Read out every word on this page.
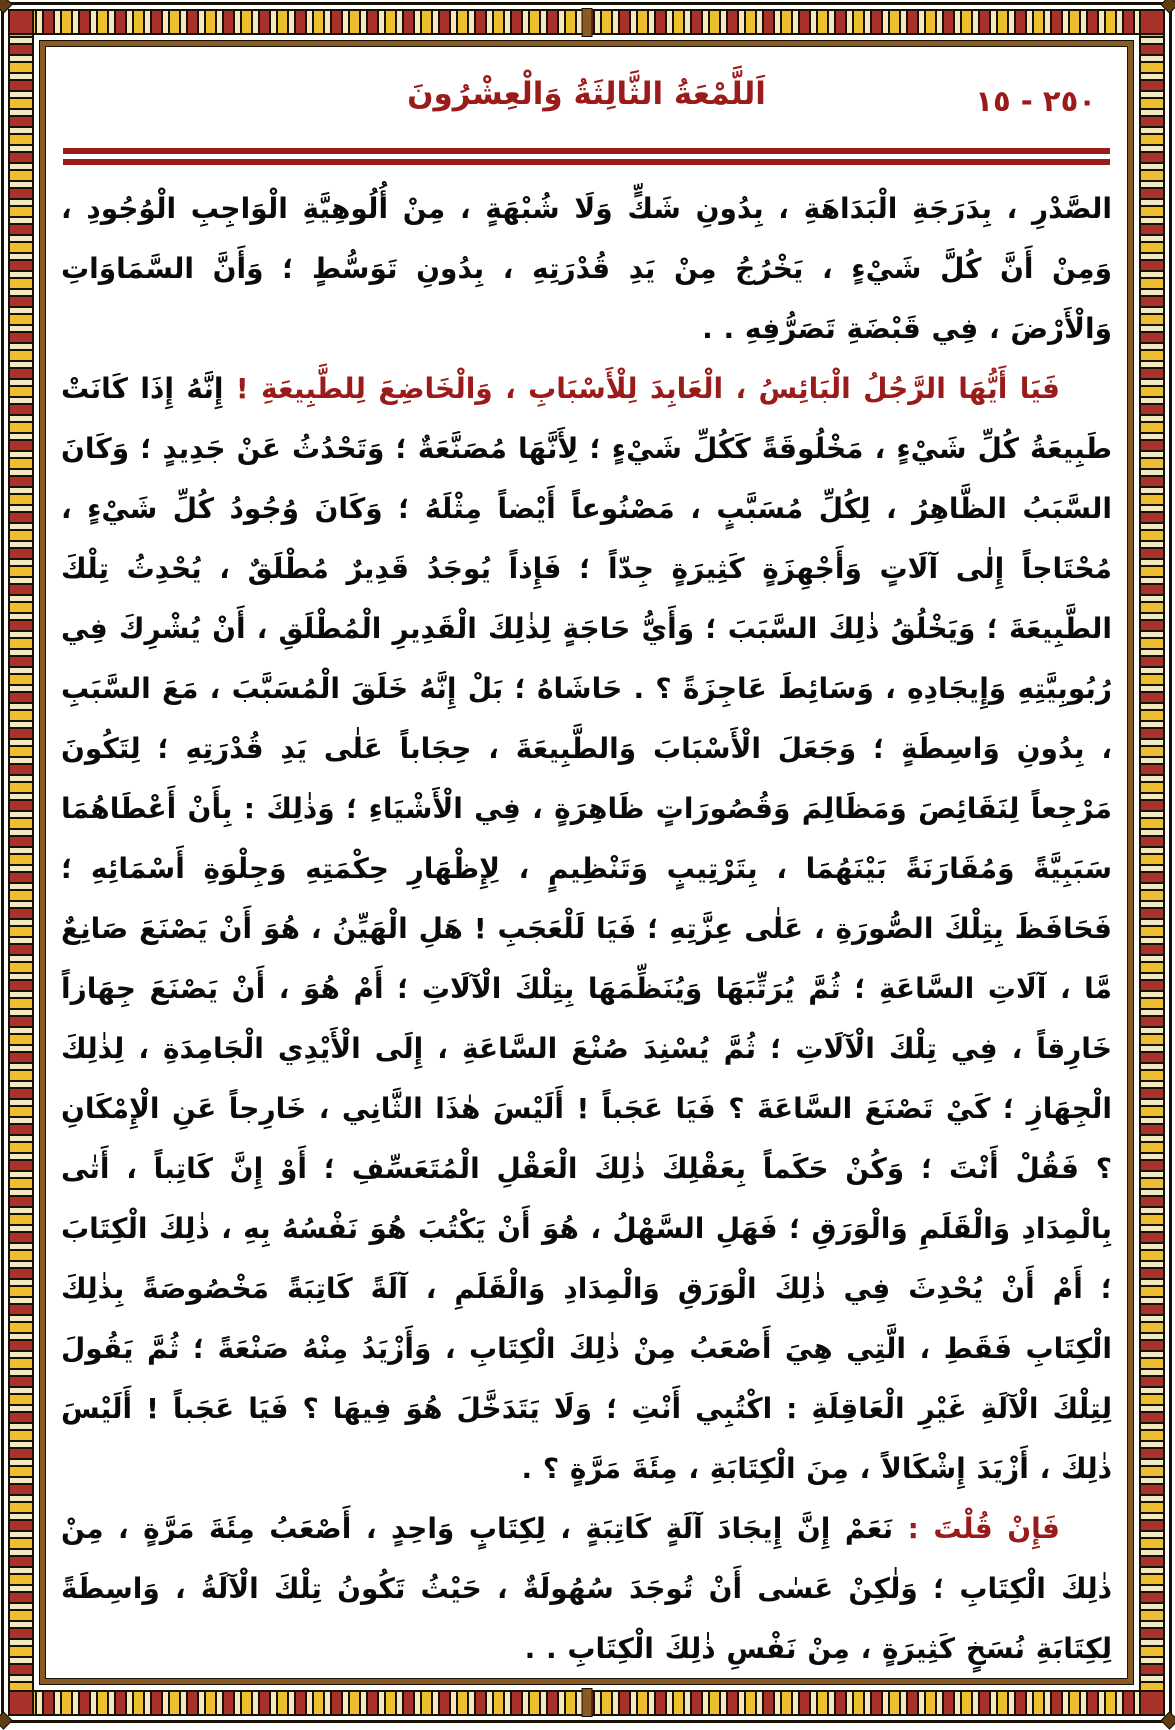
٢٥٠ - ١٥
اَللَّمْعَةُ الثَّالِثَةُ وَالْعِشْرُونَ

الصَّدْرِ ، بِدَرَجَةِ الْبَدَاهَةِ ، بِدُونِ شَكٍّ وَلَا شُبْهَةٍ ، مِنْ أُلُوهِيَّةِ الْوَاجِبِ الْوُجُودِ ، وَمِنْ أَنَّ كُلَّ شَيْءٍ ، يَخْرُجُ مِنْ يَدِ قُدْرَتِهِ ، بِدُونِ تَوَسُّطٍ ؛ وَأَنَّ السَّمَاوَاتِ وَالْأَرْضَ ، فِي قَبْضَةِ تَصَرُّفِهِ . .

فَيَا أَيُّهَا الرَّجُلُ الْبَائِسُ ، الْعَابِدَ لِلْأَسْبَابِ ، وَالْخَاضِعَ لِلطَّبِيعَةِ ! إِنَّهُ إِذَا كَانَتْ طَبِيعَةُ كُلِّ شَيْءٍ ، مَخْلُوقَةً كَكُلِّ شَيْءٍ ؛ لِأَنَّهَا مُصَنَّعَةٌ ؛ وَتَحْدُثُ عَنْ جَدِيدٍ ؛ وَكَانَ السَّبَبُ الظَّاهِرُ ، لِكُلِّ مُسَبَّبٍ ، مَصْنُوعاً أَيْضاً مِثْلَهُ ؛ وَكَانَ وُجُودُ كُلِّ شَيْءٍ ، مُحْتَاجاً إِلٰى آلَاتٍ وَأَجْهِزَةٍ كَثِيرَةٍ جِدّاً ؛ فَإِذاً يُوجَدُ قَدِيرٌ مُطْلَقٌ ، يُحْدِثُ تِلْكَ الطَّبِيعَةَ ؛ وَيَخْلُقُ ذٰلِكَ السَّبَبَ ؛ وَأَيُّ حَاجَةٍ لِذٰلِكَ الْقَدِيرِ الْمُطْلَقِ ، أَنْ يُشْرِكَ فِي رُبُوبِيَّتِهِ وَإِيجَادِهِ ، وَسَائِطَ عَاجِزَةً ؟ . حَاشَاهُ ؛ بَلْ إِنَّهُ خَلَقَ الْمُسَبَّبَ ، مَعَ السَّبَبِ ، بِدُونِ وَاسِطَةٍ ؛ وَجَعَلَ الْأَسْبَابَ وَالطَّبِيعَةَ ، حِجَاباً عَلٰى يَدِ قُدْرَتِهِ ؛ لِتَكُونَ مَرْجِعاً لِنَقَائِصَ وَمَظَالِمَ وَقُصُورَاتٍ ظَاهِرَةٍ ، فِي الْأَشْيَاءِ ؛ وَذٰلِكَ : بِأَنْ أَعْطَاهُمَا سَبَبِيَّةً وَمُقَارَنَةً بَيْنَهُمَا ، بِتَرْتِيبٍ وَتَنْظِيمٍ ، لِإِظْهَارِ حِكْمَتِهِ وَجِلْوَةِ أَسْمَائِهِ ؛ فَحَافَظَ بِتِلْكَ الصُّورَةِ ، عَلٰى عِزَّتِهِ ؛ فَيَا لَلْعَجَبِ ! هَلِ الْهَيِّنُ ، هُوَ أَنْ يَصْنَعَ صَانِعٌ مَّا ، آلَاتِ السَّاعَةِ ؛ ثُمَّ يُرَتِّبَهَا وَيُنَظِّمَهَا بِتِلْكَ الْآلَاتِ ؛ أَمْ هُوَ ، أَنْ يَصْنَعَ جِهَازاً خَارِقاً ، فِي تِلْكَ الْآلَاتِ ؛ ثُمَّ يُسْنِدَ صُنْعَ السَّاعَةِ ، إِلَى الْأَيْدِي الْجَامِدَةِ ، لِذٰلِكَ الْجِهَازِ ؛ كَيْ تَصْنَعَ السَّاعَةَ ؟ فَيَا عَجَباً ! أَلَيْسَ هٰذَا الثَّانِي ، خَارِجاً عَنِ الْإِمْكَانِ ؟ فَقُلْ أَنْتَ ؛ وَكُنْ حَكَماً بِعَقْلِكَ ذٰلِكَ الْعَقْلِ الْمُتَعَسِّفِ ؛ أَوْ إِنَّ كَاتِباً ، أَتٰى بِالْمِدَادِ وَالْقَلَمِ وَالْوَرَقِ ؛ فَهَلِ السَّهْلُ ، هُوَ أَنْ يَكْتُبَ هُوَ نَفْسُهُ بِهِ ، ذٰلِكَ الْكِتَابَ ؛ أَمْ أَنْ يُحْدِثَ فِي ذٰلِكَ الْوَرَقِ وَالْمِدَادِ وَالْقَلَمِ ، آلَةً كَاتِبَةً مَخْصُوصَةً بِذٰلِكَ الْكِتَابِ فَقَطِ ، الَّتِي هِيَ أَصْعَبُ مِنْ ذٰلِكَ الْكِتَابِ ، وَأَزْيَدُ مِنْهُ صَنْعَةً ؛ ثُمَّ يَقُولَ لِتِلْكَ الْآلَةِ غَيْرِ الْعَاقِلَةِ : اكْتُبِي أَنْتِ ؛ وَلَا يَتَدَخَّلَ هُوَ فِيهَا ؟ فَيَا عَجَباً ! أَلَيْسَ ذٰلِكَ ، أَزْيَدَ إِشْكَالاً ، مِنَ الْكِتَابَةِ ، مِئَةَ مَرَّةٍ ؟ .

فَإِنْ قُلْتَ : نَعَمْ إِنَّ إِيجَادَ آلَةٍ كَاتِبَةٍ ، لِكِتَابٍ وَاحِدٍ ، أَصْعَبُ مِئَةَ مَرَّةٍ ، مِنْ ذٰلِكَ الْكِتَابِ ؛ وَلٰكِنْ عَسٰى أَنْ تُوجَدَ سُهُولَةٌ ، حَيْثُ تَكُونُ تِلْكَ الْآلَةُ ، وَاسِطَةً لِكِتَابَةِ نُسَخٍ كَثِيرَةٍ ، مِنْ نَفْسِ ذٰلِكَ الْكِتَابِ . .
